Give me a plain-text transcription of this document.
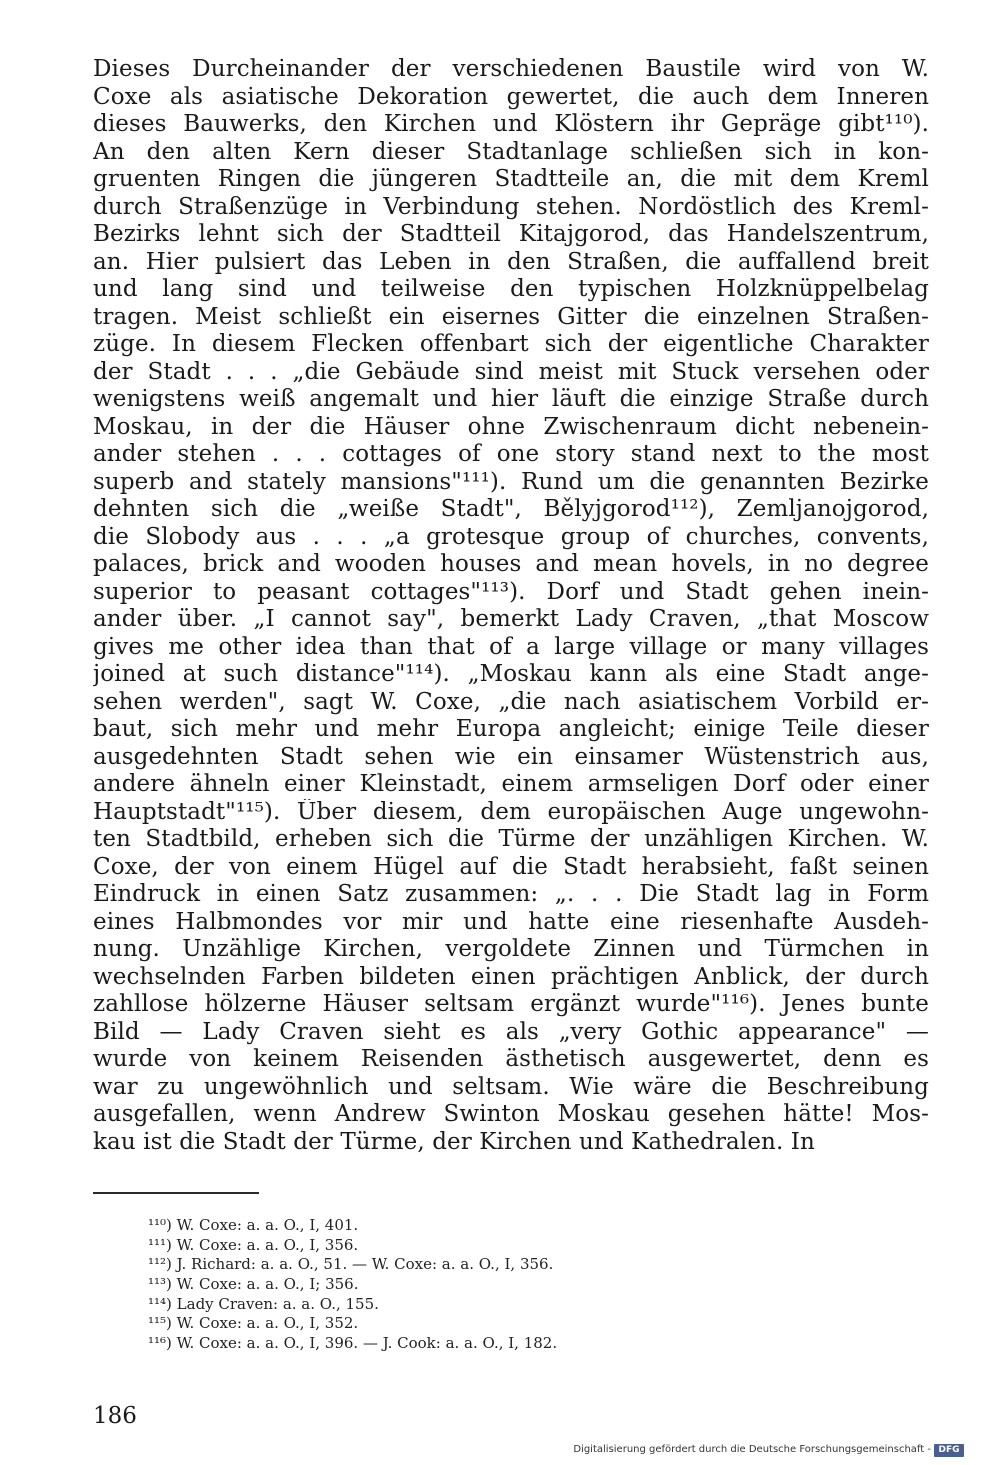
Dieses Durcheinander der verschiedenen Baustile wird von W.
Coxe als asiatische Dekoration gewertet, die auch dem Inneren
dieses Bauwerks, den Kirchen und Klöstern ihr Gepräge gibt¹¹⁰).
An den alten Kern dieser Stadtanlage schließen sich in kon-
gruenten Ringen die jüngeren Stadtteile an, die mit dem Kreml
durch Straßenzüge in Verbindung stehen. Nordöstlich des Kreml-
Bezirks lehnt sich der Stadtteil Kitajgorod, das Handelszentrum,
an. Hier pulsiert das Leben in den Straßen, die auffallend breit
und lang sind und teilweise den typischen Holzknüppelbelag
tragen. Meist schließt ein eisernes Gitter die einzelnen Straßen-
züge. In diesem Flecken offenbart sich der eigentliche Charakter
der Stadt . . . „die Gebäude sind meist mit Stuck versehen oder
wenigstens weiß angemalt und hier läuft die einzige Straße durch
Moskau, in der die Häuser ohne Zwischenraum dicht nebenein-
ander stehen . . . cottages of one story stand next to the most
superb and stately mansions"¹¹¹). Rund um die genannten Bezirke
dehnten sich die „weiße Stadt", Bělyjgorod¹¹²), Zemljanojgorod,
die Slobody aus . . . „a grotesque group of churches, convents,
palaces, brick and wooden houses and mean hovels, in no degree
superior to peasant cottages"¹¹³). Dorf und Stadt gehen inein-
ander über. „I cannot say", bemerkt Lady Craven, „that Moscow
gives me other idea than that of a large village or many villages
joined at such distance"¹¹⁴). „Moskau kann als eine Stadt ange-
sehen werden", sagt W. Coxe, „die nach asiatischem Vorbild er-
baut, sich mehr und mehr Europa angleicht; einige Teile dieser
ausgedehnten Stadt sehen wie ein einsamer Wüstenstrich aus,
andere ähneln einer Kleinstadt, einem armseligen Dorf oder einer
Hauptstadt"¹¹⁵). Über diesem, dem europäischen Auge ungewohn-
ten Stadtbild, erheben sich die Türme der unzähligen Kirchen. W.
Coxe, der von einem Hügel auf die Stadt herabsieht, faßt seinen
Eindruck in einen Satz zusammen: „. . . Die Stadt lag in Form
eines Halbmondes vor mir und hatte eine riesenhafte Ausdeh-
nung. Unzählige Kirchen, vergoldete Zinnen und Türmchen in
wechselnden Farben bildeten einen prächtigen Anblick, der durch
zahllose hölzerne Häuser seltsam ergänzt wurde"¹¹⁶). Jenes bunte
Bild — Lady Craven sieht es als „very Gothic appearance" —
wurde von keinem Reisenden ästhetisch ausgewertet, denn es
war zu ungewöhnlich und seltsam. Wie wäre die Beschreibung
ausgefallen, wenn Andrew Swinton Moskau gesehen hätte! Mos-
kau ist die Stadt der Türme, der Kirchen und Kathedralen. In
¹¹⁰) W. Coxe: a. a. O., I, 401.
¹¹¹) W. Coxe: a. a. O., I, 356.
¹¹²) J. Richard: a. a. O., 51. — W. Coxe: a. a. O., I, 356.
¹¹³) W. Coxe: a. a. O., I; 356.
¹¹⁴) Lady Craven: a. a. O., 155.
¹¹⁵) W. Coxe: a. a. O., I, 352.
¹¹⁶) W. Coxe: a. a. O., I, 396. — J. Cook: a. a. O., I, 182.
186
Digitalisierung gefördert durch die Deutsche Forschungsgemeinschaft - DFG
